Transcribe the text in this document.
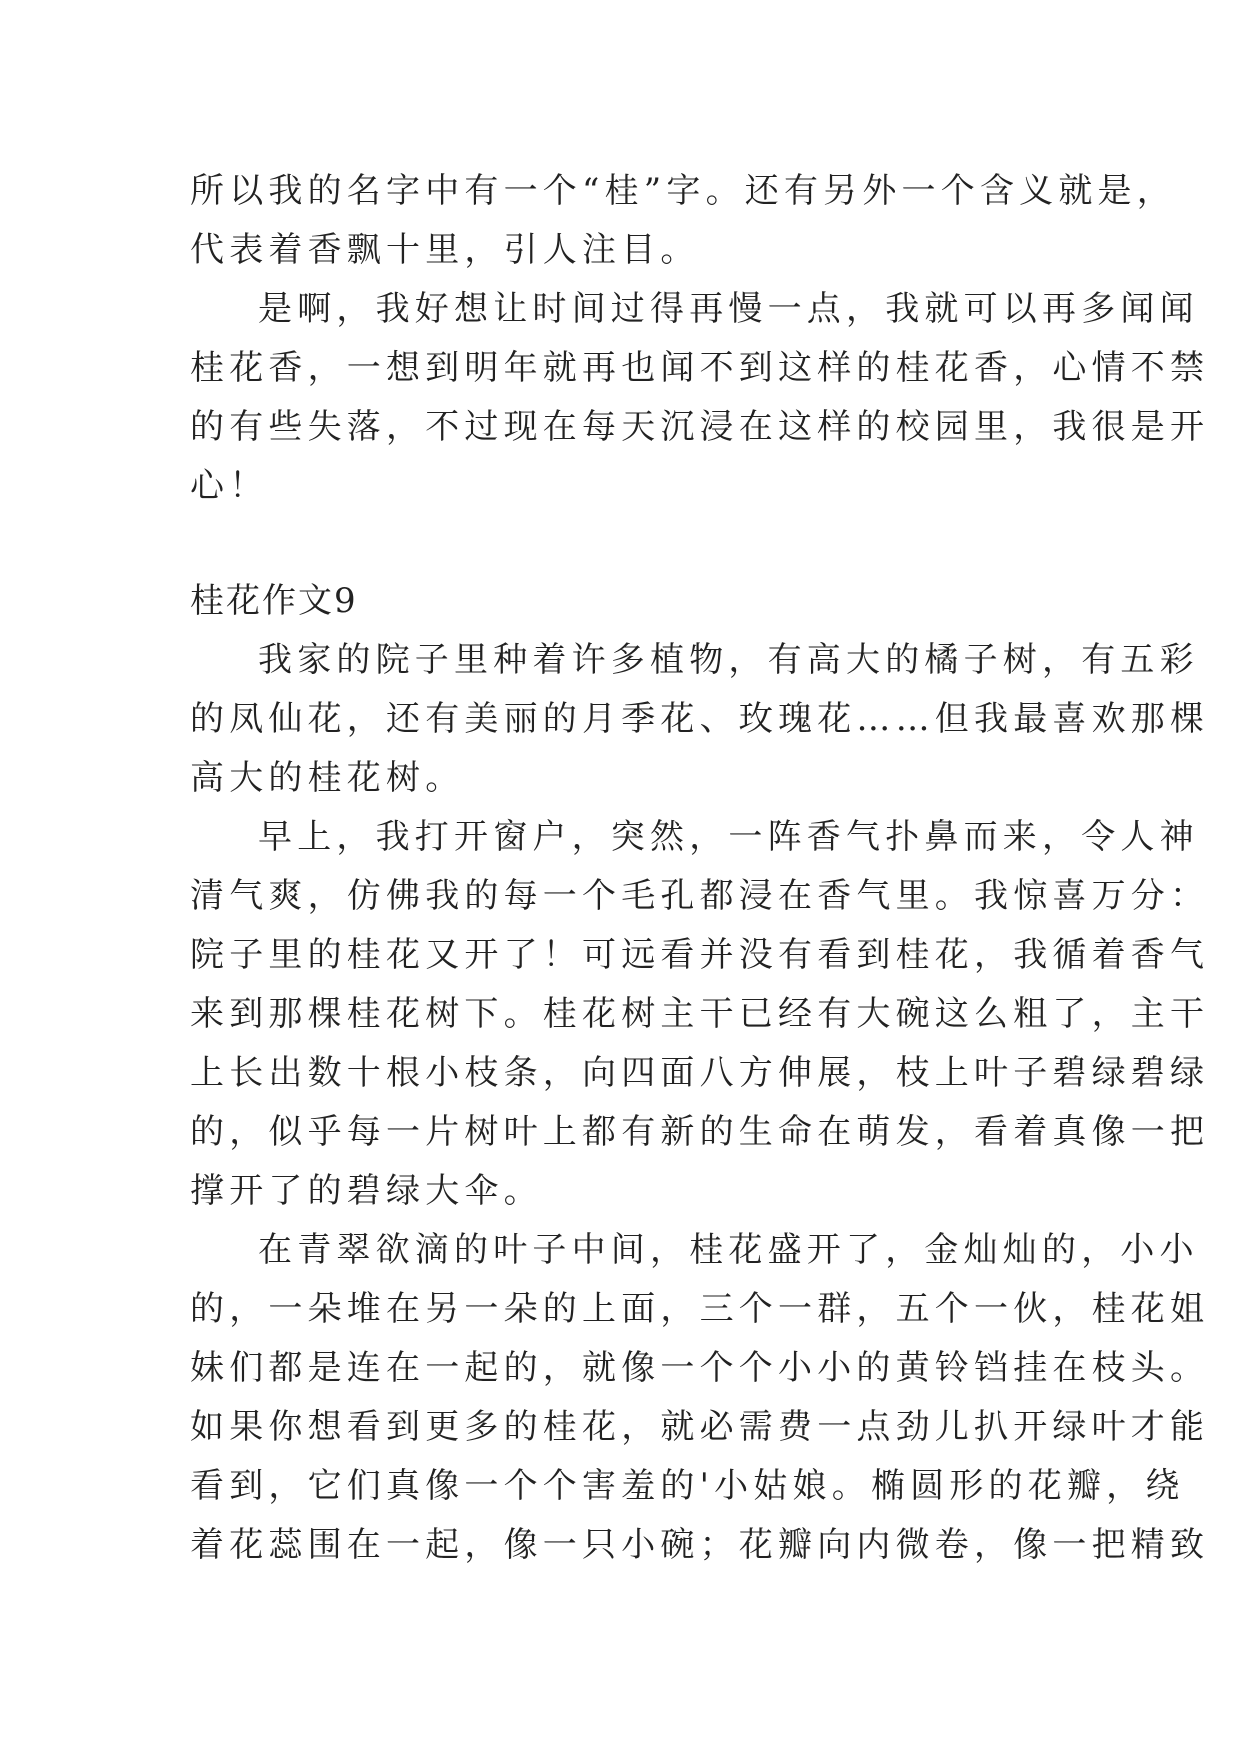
所以我的名字中有一个“桂”字。还有另外一个含义就是，
代表着香飘十里，引人注目。
是啊，我好想让时间过得再慢一点，我就可以再多闻闻
桂花香，一想到明年就再也闻不到这样的桂花香，心情不禁
的有些失落，不过现在每天沉浸在这样的校园里，我很是开
心！
桂花作文9
我家的院子里种着许多植物，有高大的橘子树，有五彩
的凤仙花，还有美丽的月季花、玫瑰花……但我最喜欢那棵
高大的桂花树。
早上，我打开窗户，突然，一阵香气扑鼻而来，令人神
清气爽，仿佛我的每一个毛孔都浸在香气里。我惊喜万分：
院子里的桂花又开了！可远看并没有看到桂花，我循着香气
来到那棵桂花树下。桂花树主干已经有大碗这么粗了，主干
上长出数十根小枝条，向四面八方伸展，枝上叶子碧绿碧绿
的，似乎每一片树叶上都有新的生命在萌发，看着真像一把
撑开了的碧绿大伞。
在青翠欲滴的叶子中间，桂花盛开了，金灿灿的，小小
的，一朵堆在另一朵的上面，三个一群，五个一伙，桂花姐
妹们都是连在一起的，就像一个个小小的黄铃铛挂在枝头。
如果你想看到更多的桂花，就必需费一点劲儿扒开绿叶才能
看到，它们真像一个个害羞的'小姑娘。椭圆形的花瓣，绕
着花蕊围在一起，像一只小碗；花瓣向内微卷，像一把精致
